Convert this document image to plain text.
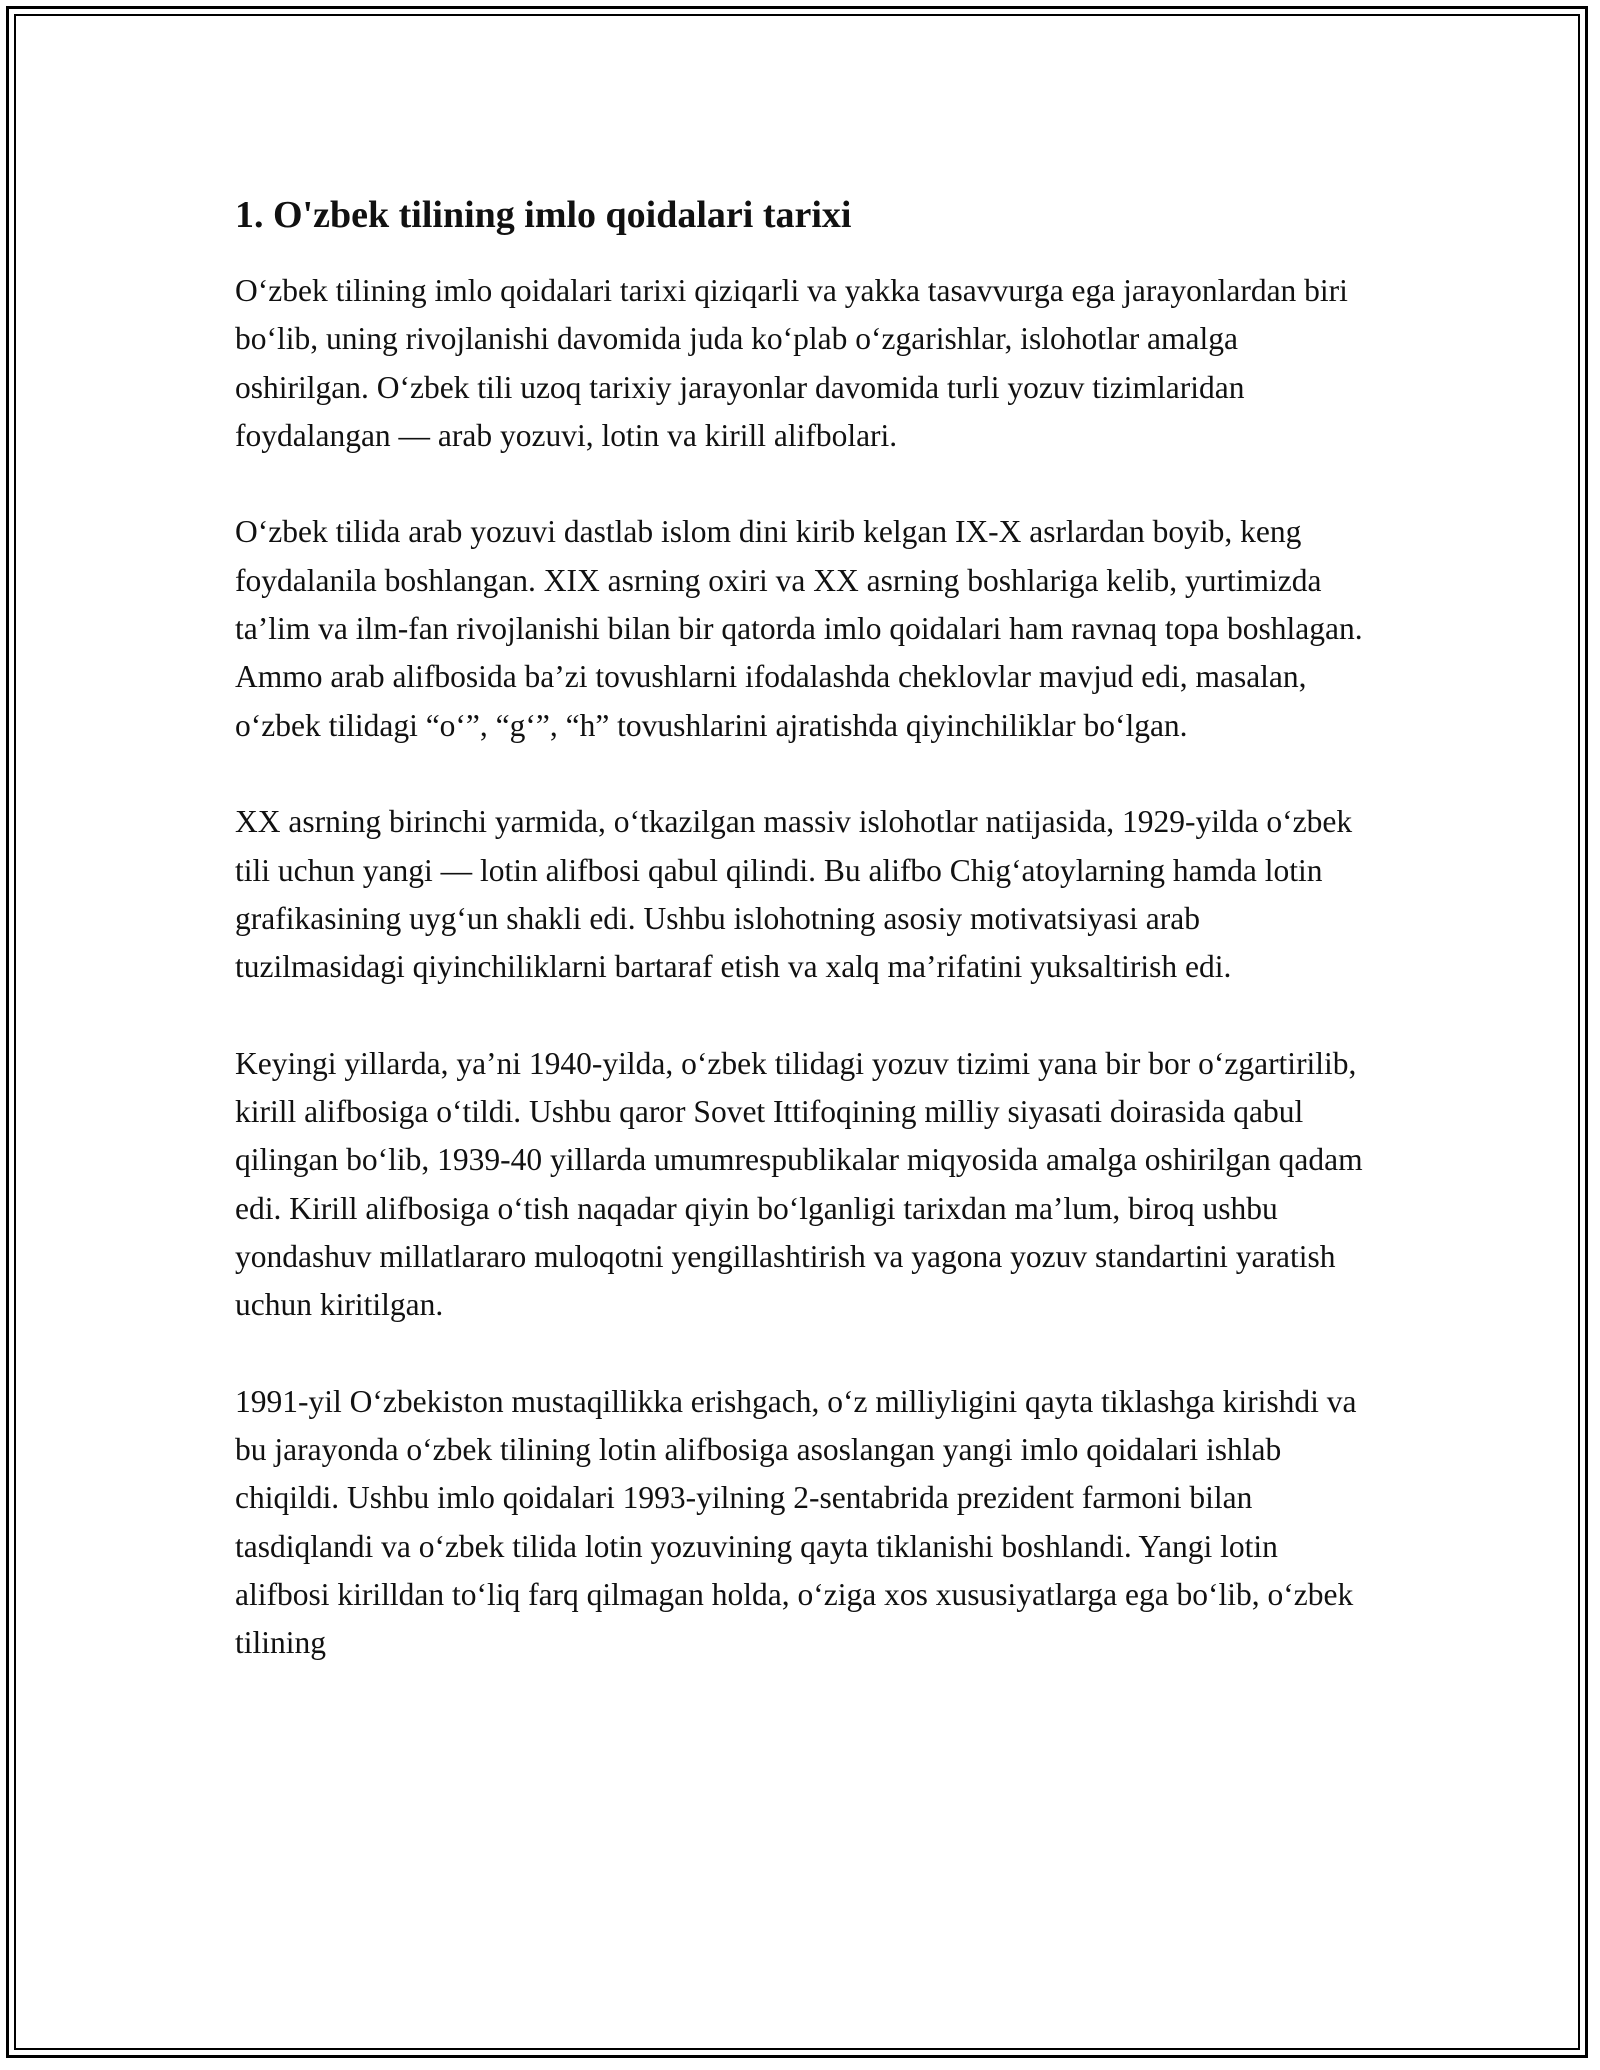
1. O'zbek tilining imlo qoidalari tarixi

O‘zbek tilining imlo qoidalari tarixi qiziqarli va yakka tasavvurga ega jarayonlardan biri bo‘lib, uning rivojlanishi davomida juda ko‘plab o‘zgarishlar, islohotlar amalga oshirilgan. O‘zbek tili uzoq tarixiy jarayonlar davomida turli yozuv tizimlaridan foydalangan — arab yozuvi, lotin va kirill alifbolari.

O‘zbek tilida arab yozuvi dastlab islom dini kirib kelgan IX-X asrlardan boyib, keng foydalanila boshlangan. XIX asrning oxiri va XX asrning boshlariga kelib, yurtimizda ta’lim va ilm-fan rivojlanishi bilan bir qatorda imlo qoidalari ham ravnaq topa boshlagan. Ammo arab alifbosida ba’zi tovushlarni ifodalashda cheklovlar mavjud edi, masalan, o‘zbek tilidagi “o‘”, “g‘”, “h” tovushlarini ajratishda qiyinchiliklar bo‘lgan.

XX asrning birinchi yarmida, o‘tkazilgan massiv islohotlar natijasida, 1929-yilda o‘zbek tili uchun yangi — lotin alifbosi qabul qilindi. Bu alifbo Chig‘atoylarning hamda lotin grafikasining uyg‘un shakli edi. Ushbu islohotning asosiy motivatsiyasi arab tuzilmasidagi qiyinchiliklarni bartaraf etish va xalq ma’rifatini yuksaltirish edi.

Keyingi yillarda, ya’ni 1940-yilda, o‘zbek tilidagi yozuv tizimi yana bir bor o‘zgartirilib, kirill alifbosiga o‘tildi. Ushbu qaror Sovet Ittifoqining milliy siyasati doirasida qabul qilingan bo‘lib, 1939-40 yillarda umumrespublikalar miqyosida amalga oshirilgan qadam edi. Kirill alifbosiga o‘tish naqadar qiyin bo‘lganligi tarixdan ma’lum, biroq ushbu yondashuv millatlararo muloqotni yengillashtirish va yagona yozuv standartini yaratish uchun kiritilgan.

1991-yil O‘zbekiston mustaqillikka erishgach, o‘z milliyligini qayta tiklashga kirishdi va bu jarayonda o‘zbek tilining lotin alifbosiga asoslangan yangi imlo qoidalari ishlab chiqildi. Ushbu imlo qoidalari 1993-yilning 2-sentabrida prezident farmoni bilan tasdiqlandi va o‘zbek tilida lotin yozuvining qayta tiklanishi boshlandi. Yangi lotin alifbosi kirilldan to‘liq farq qilmagan holda, o‘ziga xos xususiyatlarga ega bo‘lib, o‘zbek tilining
